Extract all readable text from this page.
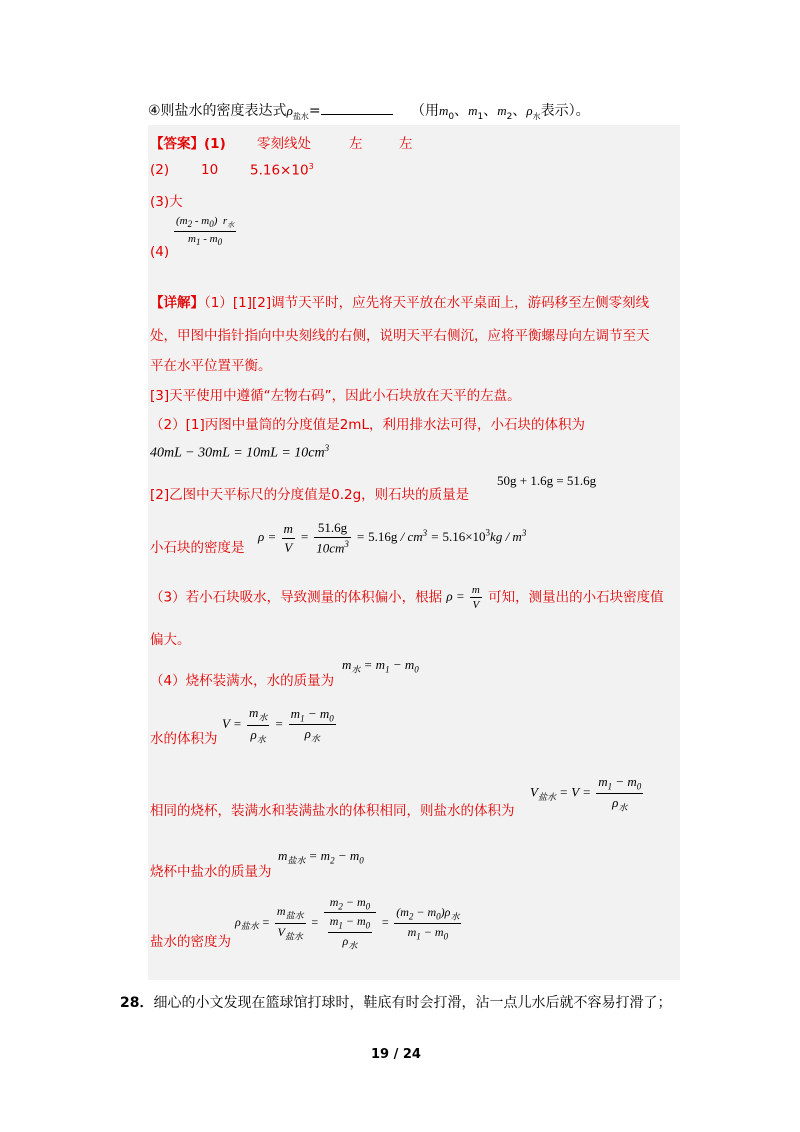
④则盐水的密度表达式$\rho_{盐水}=$	（用$m_0$、$m_1$、$m_2$、$\rho_水$表示）。
【答案】(1) 零刻线处	左	左
(2) 10 $5.16\times 10^3$
(3)大
(4)
$\frac{(m_2 - m_0) r_水}{m_1 - m_0}$
【详解】（1）[1][2]调节天平时，应先将天平放在水平桌面上，游码移至左侧零刻线
处，甲图中指针指向中央刻线的右侧，说明天平右侧沉，应将平衡螺母向左调节至天
平在水平位置平衡。
[3]天平使用中遵循“左物右码”，因此小石块放在天平的左盘。
（2）[1]丙图中量筒的分度值是2mL，利用排水法可得，小石块的体积为
$40mL - 30mL = 10mL = 10cm^3$
[2]乙图中天平标尺的分度值是0.2g，则石块的质量是
50g + 1.6g = 51.6g
小石块的密度是
$\rho = \frac{m}{V} = \frac{51.6g}{10cm^3} = 5.16g / cm^3 = 5.16\times 10^3kg / m^3$
（3）若小石块吸水，导致测量的体积偏小，根据 $\rho = \frac{m}{V}$ 可知，测量出的小石块密度值
偏大。
（4）烧杯装满水，水的质量为
$m_水 = m_1 - m_0$
$V = \frac{m_水}{\rho_水} = \frac{m_1 - m_0}{\rho_水}$
水的体积为
相同的烧杯，装满水和装满盐水的体积相同，则盐水的体积为
$V_{盐水} = V = \frac{m_1 - m_0}{\rho_水}$
$m_{盐水} = m_2 - m_0$
烧杯中盐水的质量为
$\rho_{盐水} = \frac{m_{盐水}}{V_{盐水}} = \frac{m_2 - m_0}{\frac{m_1 - m_0}{\rho_水}} = \frac{(m_2 - m_0)\rho_水}{m_1 - m_0}$
盐水的密度为
28．细心的小文发现在篮球馆打球时，鞋底有时会打滑，沾一点儿水后就不容易打滑了；
19 / 24
